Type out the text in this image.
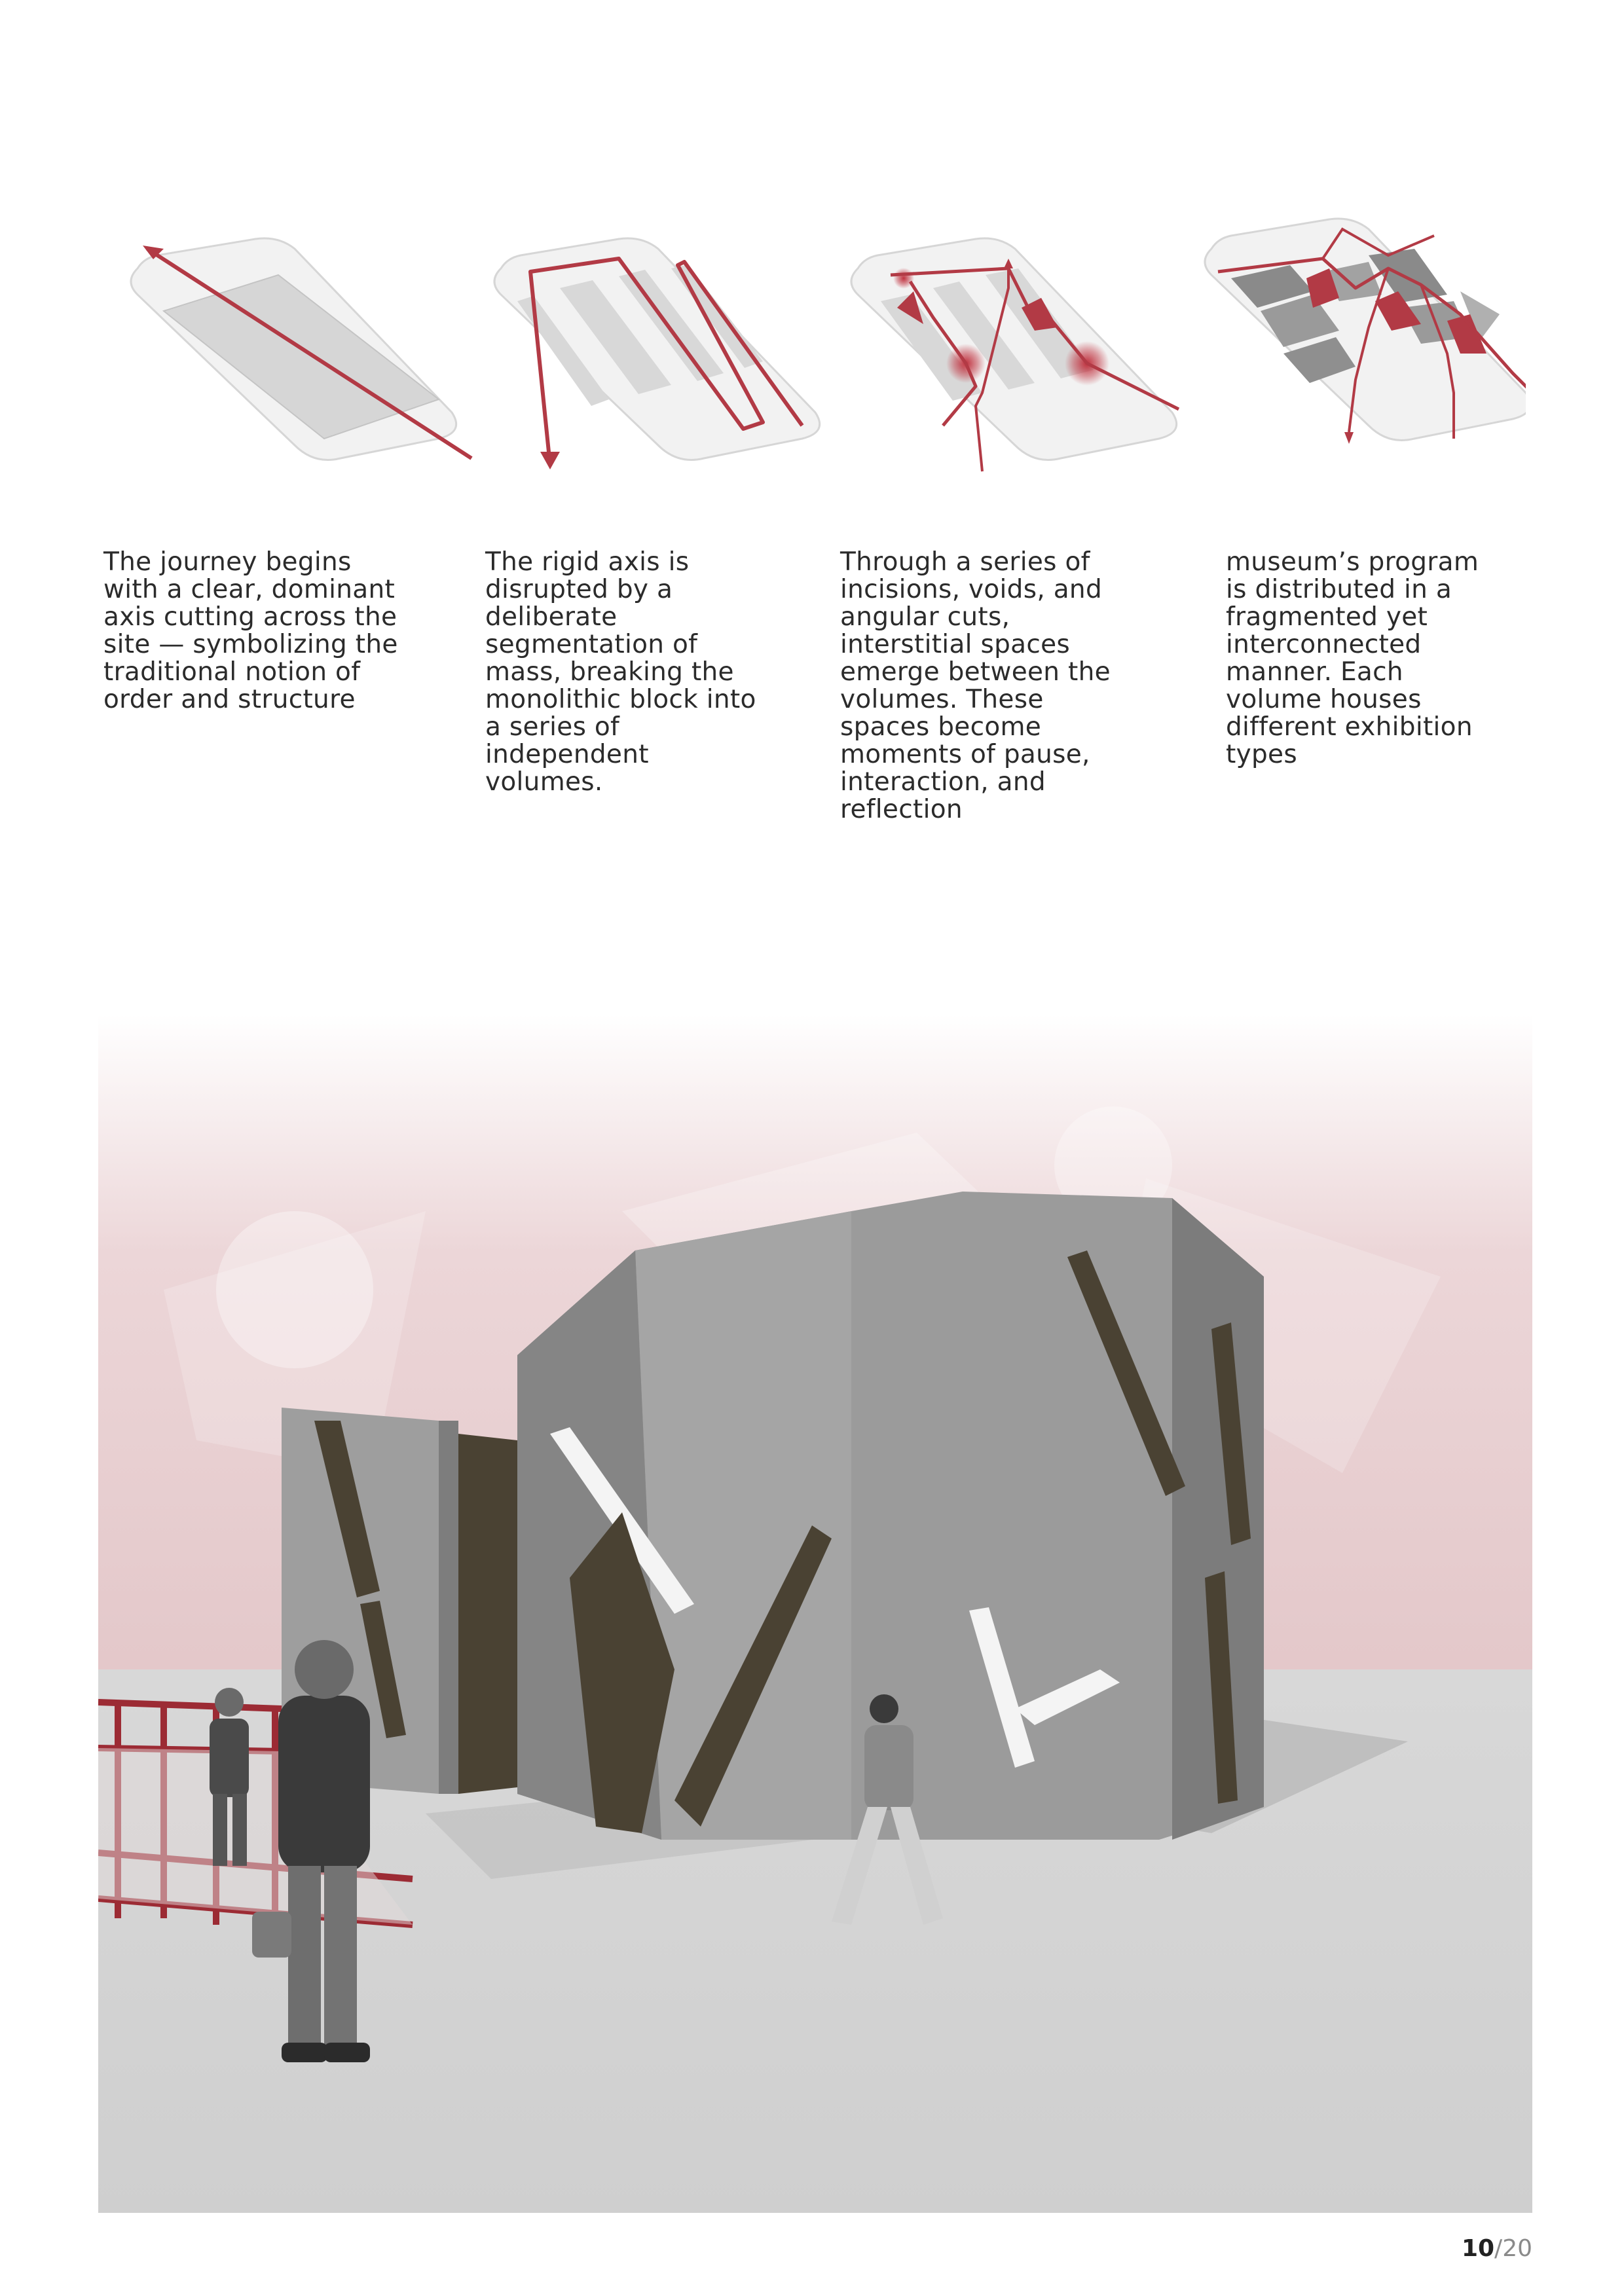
The journey begins
with a clear, dominant
axis cutting across the
site — symbolizing the
traditional notion of
order and structure
The rigid axis is
disrupted by a
deliberate
segmentation of
mass, breaking the
monolithic block into
a series of
independent
volumes.
Through a series of
incisions, voids, and
angular cuts,
interstitial spaces
emerge between the
volumes. These
spaces become
moments of pause,
interaction, and
reflection
museum’s program
is distributed in a
fragmented yet
interconnected
manner. Each
volume houses
different exhibition
types
10/20
